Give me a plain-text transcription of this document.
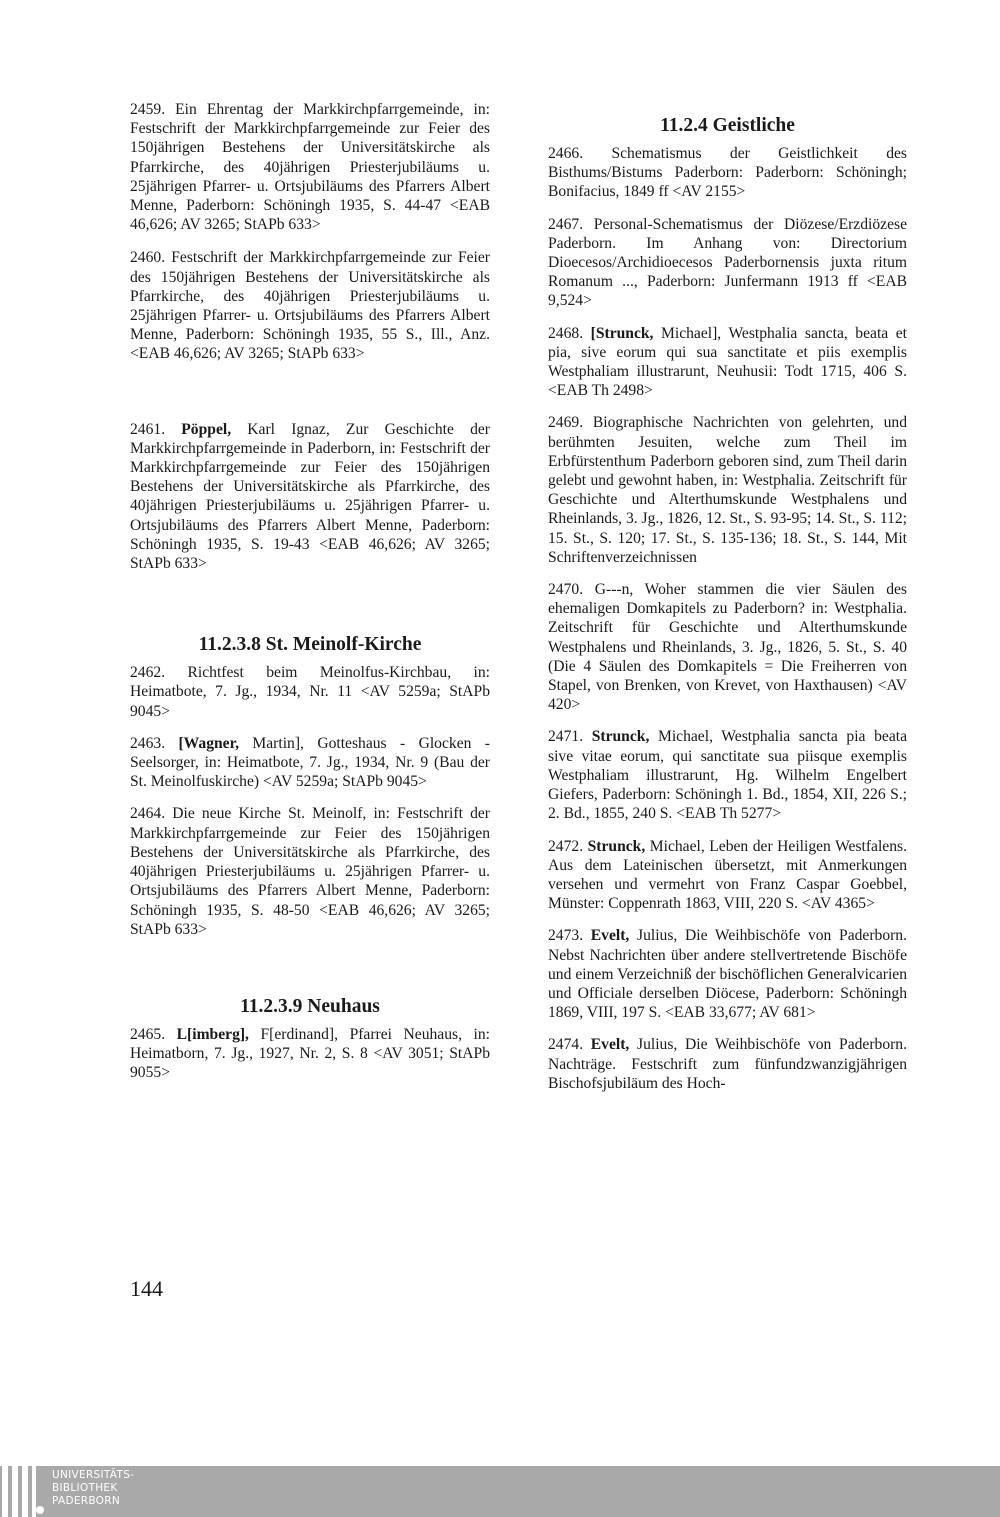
2459. Ein Ehrentag der Markkirchpfarrgemeinde, in: Festschrift der Markkirchpfarrgemeinde zur Feier des 150jährigen Bestehens der Universitätskirche als Pfarrkirche, des 40jährigen Priesterjubiläums u. 25jährigen Pfarrer- u. Ortsjubiläums des Pfarrers Albert Menne, Paderborn: Schöningh 1935, S. 44-47 <EAB 46,626; AV 3265; StAPb 633>

2460. Festschrift der Markkirchpfarrgemeinde zur Feier des 150jährigen Bestehens der Universitätskirche als Pfarrkirche, des 40jährigen Priesterjubiläums u. 25jährigen Pfarrer- u. Ortsjubiläums des Pfarrers Albert Menne, Paderborn: Schöningh 1935, 55 S., Ill., Anz. <EAB 46,626; AV 3265; StAPb 633>

2461. Pöppel, Karl Ignaz, Zur Geschichte der Markkirchpfarrgemeinde in Paderborn, in: Festschrift der Markkirchpfarrgemeinde zur Feier des 150jährigen Bestehens der Universitätskirche als Pfarrkirche, des 40jährigen Priesterjubiläums u. 25jährigen Pfarrer- u. Ortsjubiläums des Pfarrers Albert Menne, Paderborn: Schöningh 1935, S. 19-43 <EAB 46,626; AV 3265; StAPb 633>

11.2.3.8 St. Meinolf-Kirche

2462. Richtfest beim Meinolfus-Kirchbau, in: Heimatbote, 7. Jg., 1934, Nr. 11 <AV 5259a; StAPb 9045>

2463. [Wagner, Martin], Gotteshaus - Glocken - Seelsorger, in: Heimatbote, 7. Jg., 1934, Nr. 9 (Bau der St. Meinolfuskirche) <AV 5259a; StAPb 9045>

2464. Die neue Kirche St. Meinolf, in: Festschrift der Markkirchpfarrgemeinde zur Feier des 150jährigen Bestehens der Universitätskirche als Pfarrkirche, des 40jährigen Priesterjubiläums u. 25jährigen Pfarrer- u. Ortsjubiläums des Pfarrers Albert Menne, Paderborn: Schöningh 1935, S. 48-50 <EAB 46,626; AV 3265; StAPb 633>

11.2.3.9 Neuhaus

2465. L[imberg], F[erdinand], Pfarrei Neuhaus, in: Heimatborn, 7. Jg., 1927, Nr. 2, S. 8 <AV 3051; StAPb 9055>

11.2.4 Geistliche

2466. Schematismus der Geistlichkeit des Bisthums/Bistums Paderborn: Paderborn: Schöningh; Bonifacius, 1849 ff <AV 2155>

2467. Personal-Schematismus der Diözese/Erzdiözese Paderborn. Im Anhang von: Directorium Dioecesos/Archidioecesos Paderbornensis juxta ritum Romanum ..., Paderborn: Junfermann 1913 ff <EAB 9,524>

2468. [Strunck, Michael], Westphalia sancta, beata et pia, sive eorum qui sua sanctitate et piis exemplis Westphaliam illustrarunt, Neuhusii: Todt 1715, 406 S. <EAB Th 2498>

2469. Biographische Nachrichten von gelehrten, und berühmten Jesuiten, welche zum Theil im Erbfürstenthum Paderborn geboren sind, zum Theil darin gelebt und gewohnt haben, in: Westphalia. Zeitschrift für Geschichte und Alterthumskunde Westphalens und Rheinlands, 3. Jg., 1826, 12. St., S. 93-95; 14. St., S. 112; 15. St., S. 120; 17. St., S. 135-136; 18. St., S. 144, Mit Schriftenverzeichnissen

2470. G---n, Woher stammen die vier Säulen des ehemaligen Domkapitels zu Paderborn? in: Westphalia. Zeitschrift für Geschichte und Alterthumskunde Westphalens und Rheinlands, 3. Jg., 1826, 5. St., S. 40 (Die 4 Säulen des Domkapitels = Die Freiherren von Stapel, von Brenken, von Krevet, von Haxthausen) <AV 420>

2471. Strunck, Michael, Westphalia sancta pia beata sive vitae eorum, qui sanctitate sua piisque exemplis Westphaliam illustrarunt, Hg. Wilhelm Engelbert Giefers, Paderborn: Schöningh 1. Bd., 1854, XII, 226 S.; 2. Bd., 1855, 240 S. <EAB Th 5277>

2472. Strunck, Michael, Leben der Heiligen Westfalens. Aus dem Lateinischen übersetzt, mit Anmerkungen versehen und vermehrt von Franz Caspar Goebbel, Münster: Coppenrath 1863, VIII, 220 S. <AV 4365>

2473. Evelt, Julius, Die Weihbischöfe von Paderborn. Nebst Nachrichten über andere stellvertretende Bischöfe und einem Verzeichniß der bischöflichen Generalvicarien und Officiale derselben Diöcese, Paderborn: Schöningh 1869, VIII, 197 S. <EAB 33,677; AV 681>

2474. Evelt, Julius, Die Weihbischöfe von Paderborn. Nachträge. Festschrift zum fünfundzwanzigjährigen Bischofsjubiläum des Hoch-

144
UNIVERSITÄTS-
BIBLIOTHEK
PADERBORN
